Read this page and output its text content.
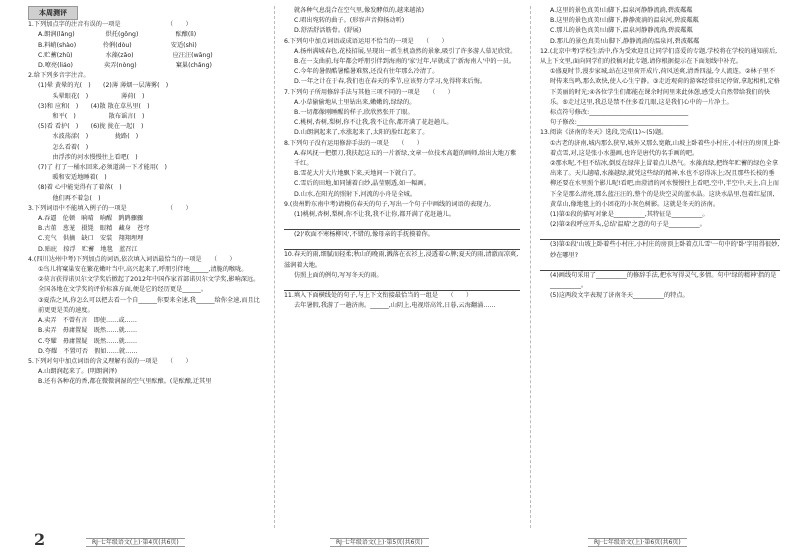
本周测评
1.下列加点字的注音有误的一项是　　　　　　　　（　　）
A.朗润(lǎng)　　　　　烘托(gōng)　　　　　　酝酿(lì)
B.料峭(shào)　　　　 伶俐(dòu)　　　　　　 安适(shì)
C.贮蓄(zhǔ)　　　　　 水藻(zǎo)　　　　　　 应汪汪(wāng)
D.嘹亮(liáo)　　　　　卖弄(nòng)　　　　　　 窠巢(chǎng)
2.给下列多音字注音。
(1)晕 黄晕的光(　)　　(2)薄 薄烟一层薄雾(　)
　　 头晕眼花(　)　　　　　 薄荷(　)
(3)和 应和(　)　　(4)散 散在草丛里(　)
　　 和平(　)　　　　　 散布谣言(　)
(5)看 看护(　)　　(6)拢 拢在一起(　)
　　 水波荡漾(　)　　　　 拢路(　)
　　 怎么看着(　)
　　 由浮涉的河水慢慢往上看吧(　)
(7)了 打了一桶水回来,必须道满一下才能用(　)
　　 暖和安适地睡着(　)
(8)着 心中能觉得有了着落(　)
　　 他们再不着急(　)
3.下列词语中不能填入例子的一项是　　　　　　　（　　）
A.吞逼　伦顿　晌晴　晌醒　鹍鹍骤骤
B.古董　葱茏　摄毙　眼精　藏身　苍穹
C.充气　供摘　缺口　安装　翔翔埋埋
D.贴庇　掠浮　贮蓄　地毯　蓝召江
4.(四川达州中考)下列加点的词语,依次填入词语最恰当的一项是　　（　　）
①鸟儿将窠巢安在繁花嫩叶当中,高兴起来了,呼朋引伴地______,清脆的喉咙。
②莫言获得诺贝尔文学奖后掀起了2012年中国作家首部诺贝尔文学奖,影响深远。全国各地在文学奖的评价标准方面,便是它的经历更是______。
③夏浩之风,你怎么可以把去看一个自______你要来全速,我______给你全速,而且比前更更是美的速度。
A.卖弄　不曾有言　即使……或……
B.卖弄　毋庸置疑　既然……就……
C.夸耀　毋庸置疑　既然……就……
D.夸耀　不置可否　假如……就……
5.下列对句中加点词语的含义理解有误的一项是　　（　　）
A.山朗润起来了。(明朗润泽)
B.还有各种花的香,都在微微润湿的空气里酝酿。(是酝酿,迁其里
就各种气息混合在空气里,像发酵似的,越来越浓)
C.唱出宛转的曲子。(形容声音抑扬动听)
D.舒活舒活筋骨。(舒展)
6.下列句中加点词语或成语运用不恰当的一项是　　（　　）
A.扬州满城春色,花枝招展,呈现出一派生机盎然的景象,吸引了许多游人慕足欣赏。
B.在一支曲前,每年都会呼朋引伴到海南的'家'过年,早就成了'新海南人'中的一员。
C.今年的暑假酷暑酷暑难熬,还没有往年那么冷清了。
D.一年之计在于春,我们也在春天的季节,应该努力学习,免得将来后悔。
7.下列句子所用修辞手法与其他三项不同的一项是　　（　　）
A.小草偷偷地从土里钻出来,嫩嫩的,绿绿的。
B.一切都像刚睡醒的样子,欣欣然张开了眼。
C.桃树,杏树,梨树,你不让我,我不让你,都开满了花赶趟儿。
D.山朗润起来了,水涨起来了,太阳的脸红起来了。
8.下列句子没有运用修辞手法的一项是　　（　　）
A.春风抚一把摆刀,我扶起这五的一片新绿,文章一位技术高超的画师,给出大地万紫千红。
B.雪花大片大片地飘下来,天地间一下就白了。
C.雪后的田地,如同铺着白纱,晶莹剔透,如一幅画。
D.山水,在阳光的照射下,河流的小舟是全城。
9.(贵州黔东南中考)请模仿春天的句子,写出一个句子中画线的词语的表现力。
(1)桃树,杏树,梨树,你不让我,我不让你,都开满了花赶趟儿。
(2)'吹面不寒杨柳风',不错的,像母亲的手抚摸着你。
10.春天的雨,细腻而轻柔;秋山的晚雨,溅落在衣衫上,浸透着心脾;夏天的雨,清澈而凉爽,滋润着大地。
仿照上面的例句,写写冬天的雨。
11.填入下面横线处的句子,与上下文衔接最恰当的一组是　　（　　）
去年暑假,我游了一趟济南。______,山阴上,电视塔高耸,日暮,云海翻涌……
A.这里的景色真美!山脚下,温泉河静静流淌,碧波粼粼
B.这里的景色真美!山脚下,静静流淌的温泉河,碧波粼粼
C.那儿的景色真美!山脚下,温泉河静静流淌,碧波粼粼
D.那儿的景色真美!山脚下,静静流淌的温泉河,碧波粼粼
12.(北京中考)学校生活中,作为受欢迎且让同学们喜爱的专题,学校将在学校的通知前后,从上下文里,面向同学们的投稿对此专题,请你根据提示在下面划线中补充。
①盛夏时节,漫步家城,站在这里荷开成片,荷风送爽,清香四溢,令人流连。②林子里不时传来鸟鸣,那么欢快,使人心生宁静。③走近观荷的游客经常驻足停留,拿起相机,定格下美丽的时光;④各位学生们都能在课余时间里来此休憩,感受大自然带给我们的快乐。⑤走过这里,我总是禁不住多看几眼,这是我们心中的一片净土。
标点符号修改:________________________________
句子修改:____________________________________
13.阅读《济南的冬天》选段,完成(1)~(5)题。
①古老的济南,城内那么狭窄,城外又那么宽敞,山坡上卧着些小村庄,小村庄的房顶上卧着点雪,对,这是张小水墨画,也许是唐代的名手画的吧。
②那水呢,不但不结冰,倒反在绿萍上冒着点儿热气。水藻真绿,把终年贮蓄的绿色全拿出来了。天儿越晴,水藻越绿,就凭这些绿的精神,水也不忍得冻上;况且那些长枝的垂柳还要在水里照个影儿呢!看吧,由澄清的河水慢慢往上看吧,空中,半空中,天上,自上而下全是那么清亮,那么蓝汪汪的,整个的是块空灵的蓝水晶。这块水晶里,包着红屋顶,黄草山,像地毯上的小团花的小灰色树影。这就是冬天的济南。
(1)第①段的描写对象是__________,其特征是__________。
(2)第②段呼应开头,总结'温晴'之意的句子是__________。
(3)第①段'山坡上卧着些小村庄,小村庄的房顶上卧着点儿雪'一句中的'卧'字用得很妙,妙在哪里?
(4)画线句采用了__________的修辞手法,把水写得灵气,多情。句中'绿的精神'指的是__________。
(5)这两段文字表现了济南冬天__________的特点。
2	RJ·七年级语文(上)·第4页(共6页)	RJ·七年级语文(上)·第5页(共6页)	RJ·七年级语文(上)·第6页(共6页)
